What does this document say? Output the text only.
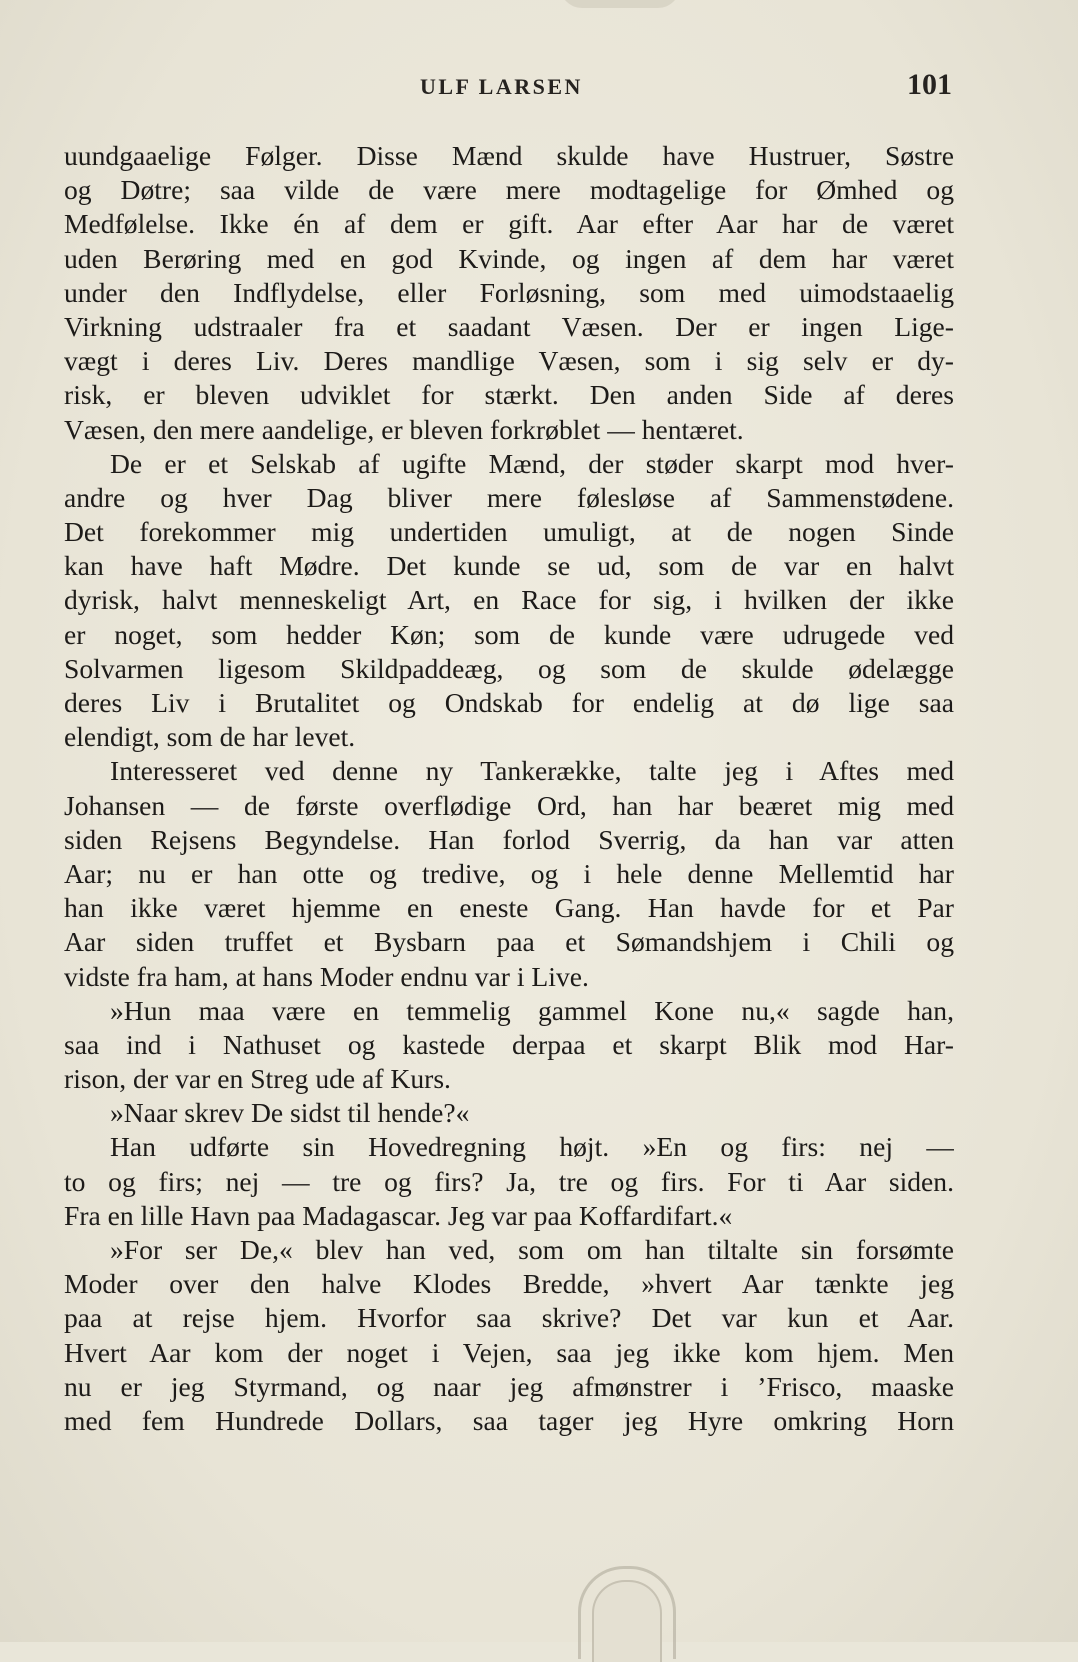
ULF LARSEN	101
uundgaaelige Følger. Disse Mænd skulde have Hustruer, Søstre
og Døtre; saa vilde de være mere modtagelige for Ømhed og
Medfølelse. Ikke én af dem er gift. Aar efter Aar har de været
uden Berøring med en god Kvinde, og ingen af dem har været
under den Indflydelse, eller Forløsning, som med uimodstaaelig
Virkning udstraaler fra et saadant Væsen. Der er ingen Lige-
vægt i deres Liv. Deres mandlige Væsen, som i sig selv er dy-
risk, er bleven udviklet for stærkt. Den anden Side af deres
Væsen, den mere aandelige, er bleven forkrøblet — hentæret.
De er et Selskab af ugifte Mænd, der støder skarpt mod hver-
andre og hver Dag bliver mere følesløse af Sammenstødene.
Det forekommer mig undertiden umuligt, at de nogen Sinde
kan have haft Mødre. Det kunde se ud, som de var en halvt
dyrisk, halvt menneskeligt Art, en Race for sig, i hvilken der ikke
er noget, som hedder Køn; som de kunde være udrugede ved
Solvarmen ligesom Skildpaddeæg, og som de skulde ødelægge
deres Liv i Brutalitet og Ondskab for endelig at dø lige saa
elendigt, som de har levet.
Interesseret ved denne ny Tankerække, talte jeg i Aftes med
Johansen — de første overflødige Ord, han har beæret mig med
siden Rejsens Begyndelse. Han forlod Sverrig, da han var atten
Aar; nu er han otte og tredive, og i hele denne Mellemtid har
han ikke været hjemme en eneste Gang. Han havde for et Par
Aar siden truffet et Bysbarn paa et Sømandshjem i Chili og
vidste fra ham, at hans Moder endnu var i Live.
»Hun maa være en temmelig gammel Kone nu,« sagde han,
saa ind i Nathuset og kastede derpaa et skarpt Blik mod Har-
rison, der var en Streg ude af Kurs.
»Naar skrev De sidst til hende?«
Han udførte sin Hovedregning højt. »En og firs: nej —
to og firs; nej — tre og firs? Ja, tre og firs. For ti Aar siden.
Fra en lille Havn paa Madagascar. Jeg var paa Koffardifart.«
»For ser De,« blev han ved, som om han tiltalte sin forsømte
Moder over den halve Klodes Bredde, »hvert Aar tænkte jeg
paa at rejse hjem. Hvorfor saa skrive? Det var kun et Aar.
Hvert Aar kom der noget i Vejen, saa jeg ikke kom hjem. Men
nu er jeg Styrmand, og naar jeg afmønstrer i ’Frisco, maaske
med fem Hundrede Dollars, saa tager jeg Hyre omkring Horn
